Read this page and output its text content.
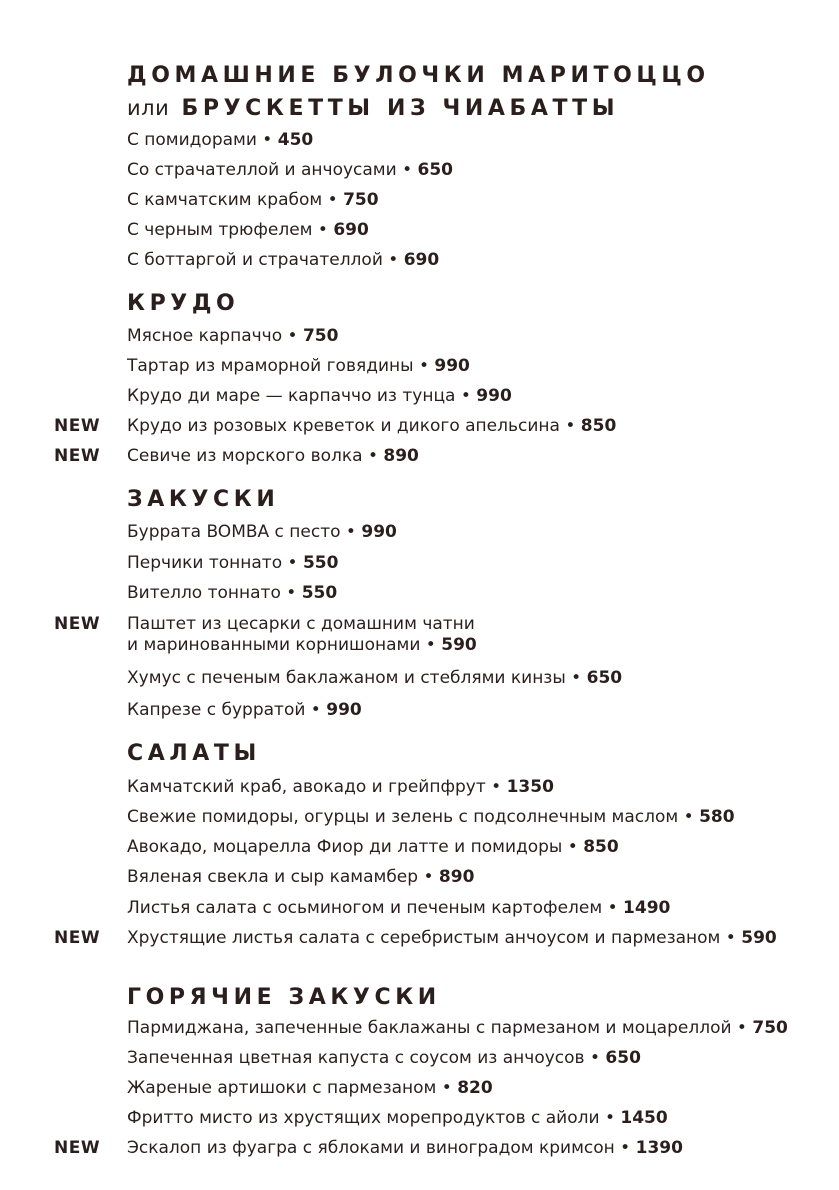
ДОМАШНИЕ БУЛОЧКИ МАРИТОЦЦО
или БРУСКЕТТЫ ИЗ ЧИАБАТТЫ
С помидорами • 450
Со страчателлой и анчоусами • 650
С камчатским крабом • 750
С черным трюфелем • 690
С боттаргой и страчателлой • 690
КРУДО
Мясное карпаччо • 750
Тартар из мраморной говядины • 990
Крудо ди маре — карпаччо из тунца • 990
NEW	Крудо из розовых креветок и дикого апельсина • 850
NEW	Севиче из морского волка • 890
ЗАКУСКИ
Буррата BOMBA с песто • 990
Перчики тоннато • 550
Вителло тоннато • 550
NEW	Паштет из цесарки с домашним чатни
и маринованными корнишонами • 590
Хумус с печеным баклажаном и стеблями кинзы • 650
Капрезе с бурратой • 990
САЛАТЫ
Камчатский краб, авокадо и грейпфрут • 1350
Свежие помидоры, огурцы и зелень с подсолнечным маслом • 580
Авокадо, моцарелла Фиор ди латте и помидоры • 850
Вяленая свекла и сыр камамбер • 890
Листья салата с осьминогом и печеным картофелем • 1490
NEW	Хрустящие листья салата с серебристым анчоусом и пармезаном • 590
ГОРЯЧИЕ ЗАКУСКИ
Пармиджана, запеченные баклажаны с пармезаном и моцареллой • 750
Запеченная цветная капуста с соусом из анчоусов • 650
Жареные артишоки с пармезаном • 820
Фритто мисто из хрустящих морепродуктов с айоли • 1450
NEW	Эскалоп из фуагра с яблоками и виноградом кримсон • 1390
